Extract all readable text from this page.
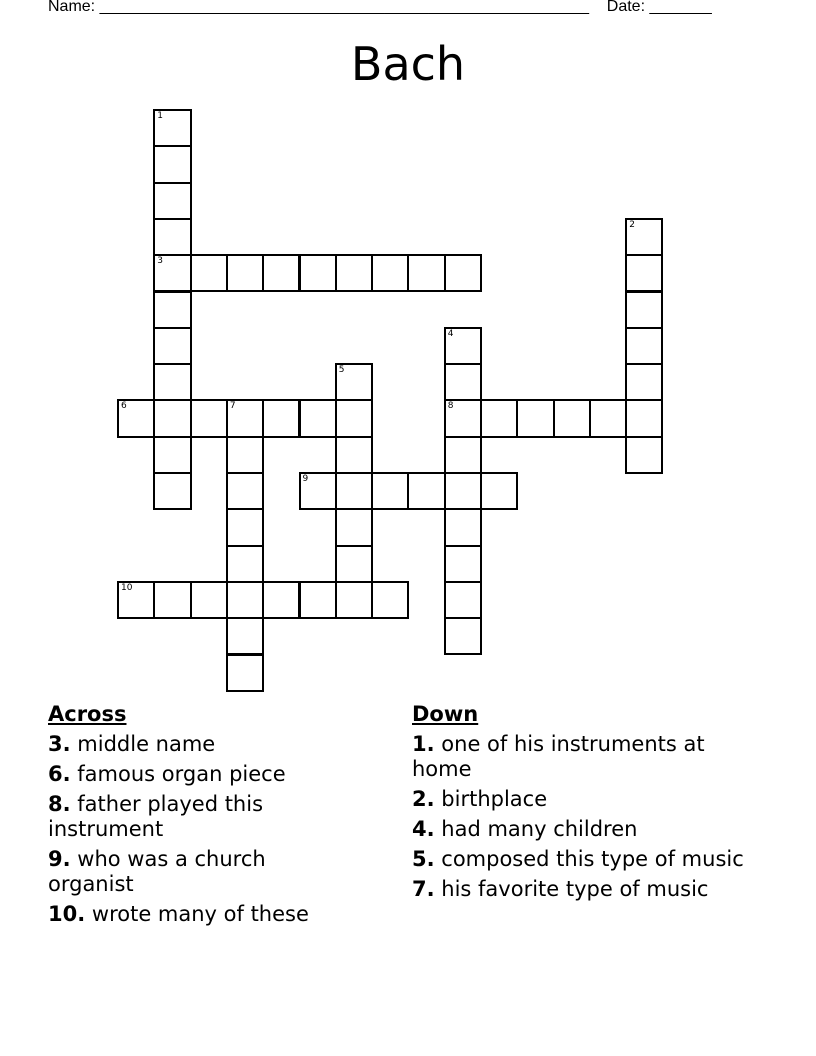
Name: _______________________________________________________    Date: _______
Bach
1
3
2
4
8
5
6	7
9
10
Across
3. middle name
6. famous organ piece
8. father played this instrument
9. who was a church organist
10. wrote many of these
Down
1. one of his instruments at home
2. birthplace
4. had many children
5. composed this type of music
7. his favorite type of music
